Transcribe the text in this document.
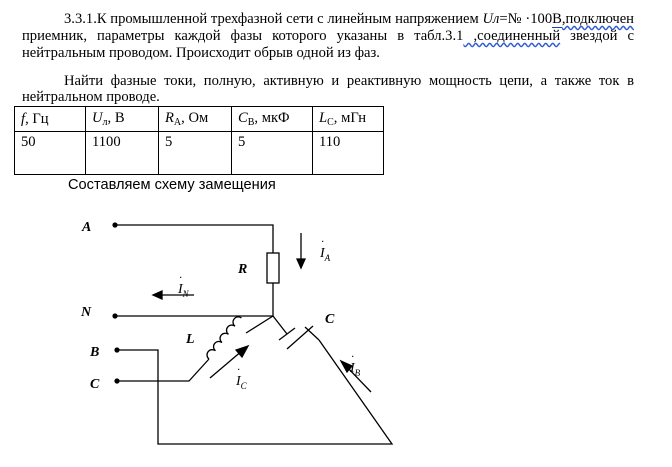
3.3.1.К промышленной трехфазной сети с линейным напряжением Uл=№ ·100В,подключен приемник, параметры каждой фазы которого указаны в табл.3.1 ,соединенный звездой с нейтральным проводом. Происходит обрыв одной из фаз.
Найти фазные токи, полную, активную и реактивную мощность цепи, а также ток в нейтральном проводе.
f, Гц	$U_л$, В	$R_A$, Ом	$C_B$, мкФ	$L_C$, мГн
50	1100	5	5	110
Составляем схему замещения
A
N
B
C
R
L
C
$I_A$
·
$I_N$
·
$I_B$
·
$I_C$
·
